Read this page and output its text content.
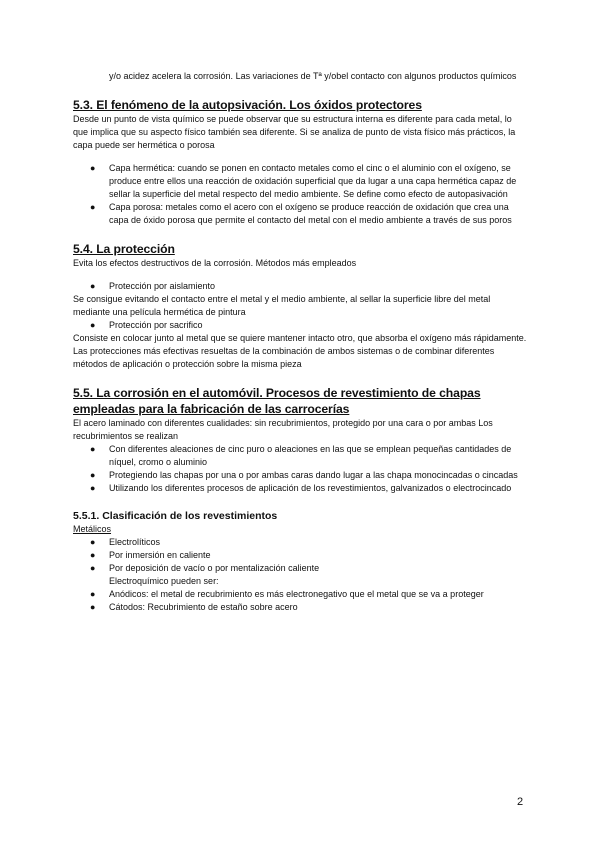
y/o acidez acelera la corrosión. Las variaciones de Tª y/obel contacto con algunos productos químicos

5.3. El fenómeno de la autopsivación. Los óxidos protectores

Desde un punto de vista químico se puede observar que su estructura interna es diferente para cada metal, lo que implica que su aspecto físico también sea diferente. Si se analiza de punto de vista físico más prácticos, la capa puede ser hermética o porosa

● Capa hermética: cuando se ponen en contacto metales como el cinc o el aluminio con el oxígeno, se produce entre ellos una reacción de oxidación superficial que da lugar a una capa hermética capaz de sellar la superficie del metal respecto del medio ambiente. Se define como efecto de autopasivación
● Capa porosa: metales como el acero con el oxígeno se produce reacción de oxidación que crea una capa de óxido porosa que permite el contacto del metal con el medio ambiente a través de sus poros
5.4. La protección

Evita los efectos destructivos de la corrosión. Métodos más empleados

● Protección por aislamiento

Se consigue evitando el contacto entre el metal y el medio ambiente, al sellar la superficie libre del metal mediante una película hermética de pintura

● Protección por sacrifico

Consiste en colocar junto al metal que se quiere mantener intacto otro, que absorba el oxígeno más rápidamente. Las protecciones más efectivas resueltas de la combinación de ambos sistemas o de combinar diferentes métodos de aplicación o protección sobre la misma pieza

5.5. La corrosión en el automóvil. Procesos de revestimiento de chapas empleadas para la fabricación de las carrocerías

El acero laminado con diferentes cualidades: sin recubrimientos, protegido por una cara o por ambas Los recubrimientos se realizan

● Con diferentes aleaciones de cinc puro o aleaciones en las que se emplean pequeñas cantidades de níquel, cromo o aluminio
● Protegiendo las chapas por una o por ambas caras dando lugar a las chapa monocincadas o cincadas
● Utilizando los diferentes procesos de aplicación de los revestimientos, galvanizados o electrocincado
5.5.1. Clasificación de los revestimientos

Metálicos

● Electrolíticos
● Por inmersión en caliente
● Por deposición de vacío o por mentalización caliente

Electroquímico pueden ser:

● Anódicos: el metal de recubrimiento es más electronegativo que el metal que se va a proteger
● Cátodos: Recubrimiento de estaño sobre acero
2
